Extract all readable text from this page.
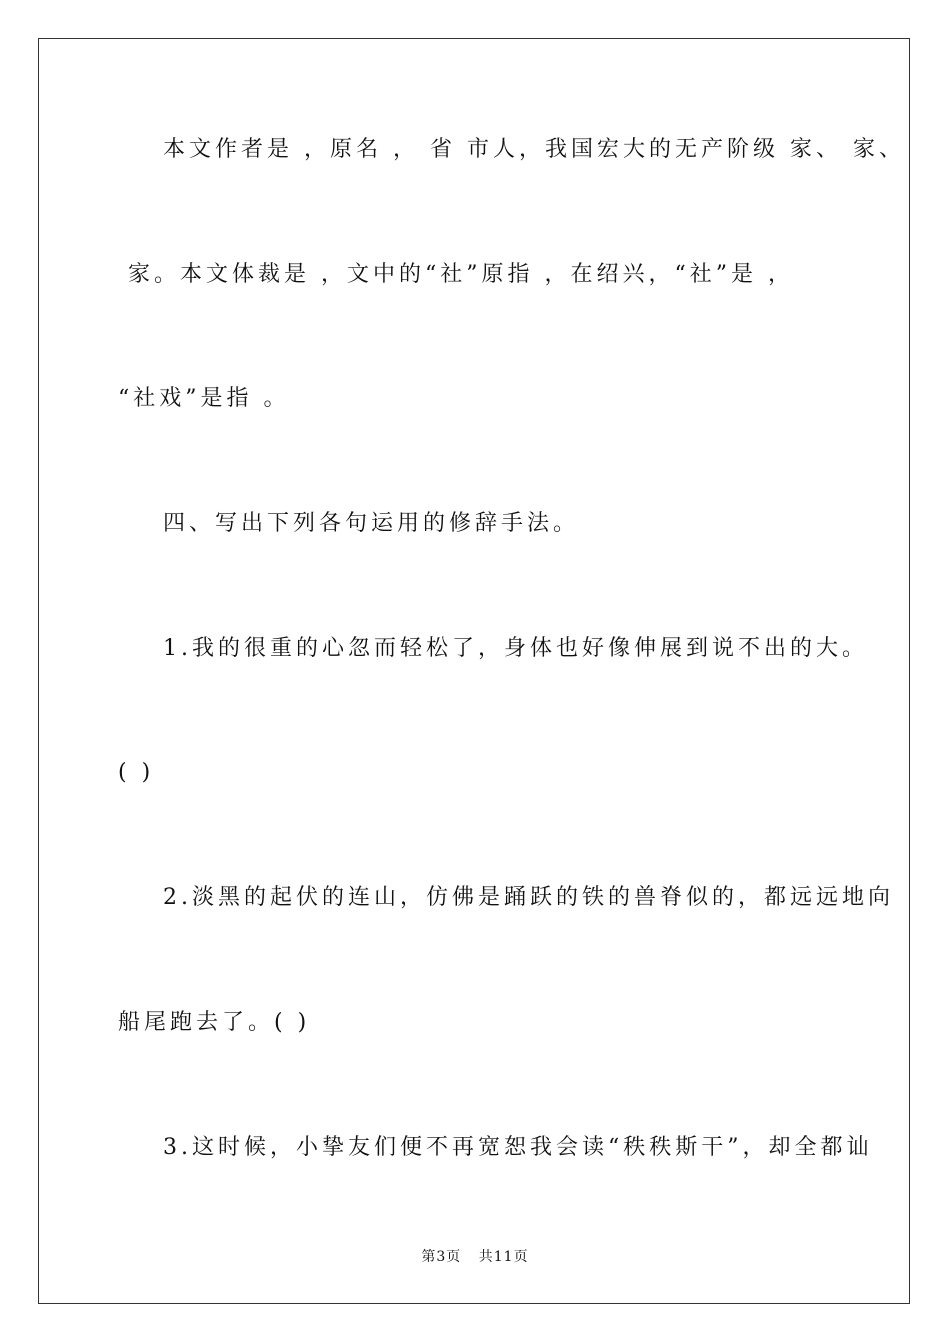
本文作者是 ，原名 ， 省 市人，我国宏大的无产阶级 家、 家、
家。本文体裁是 ，文中的“社”原指 ，在绍兴，“社”是 ，
“社戏”是指 。
四、写出下列各句运用的修辞手法。
1.我的很重的心忽而轻松了，身体也好像伸展到说不出的大。
( )
2.淡黑的起伏的连山，仿佛是踊跃的铁的兽脊似的，都远远地向
船尾跑去了。( )
3.这时候，小挚友们便不再宽恕我会读“秩秩斯干”，却全都讪
第3页 共11页
